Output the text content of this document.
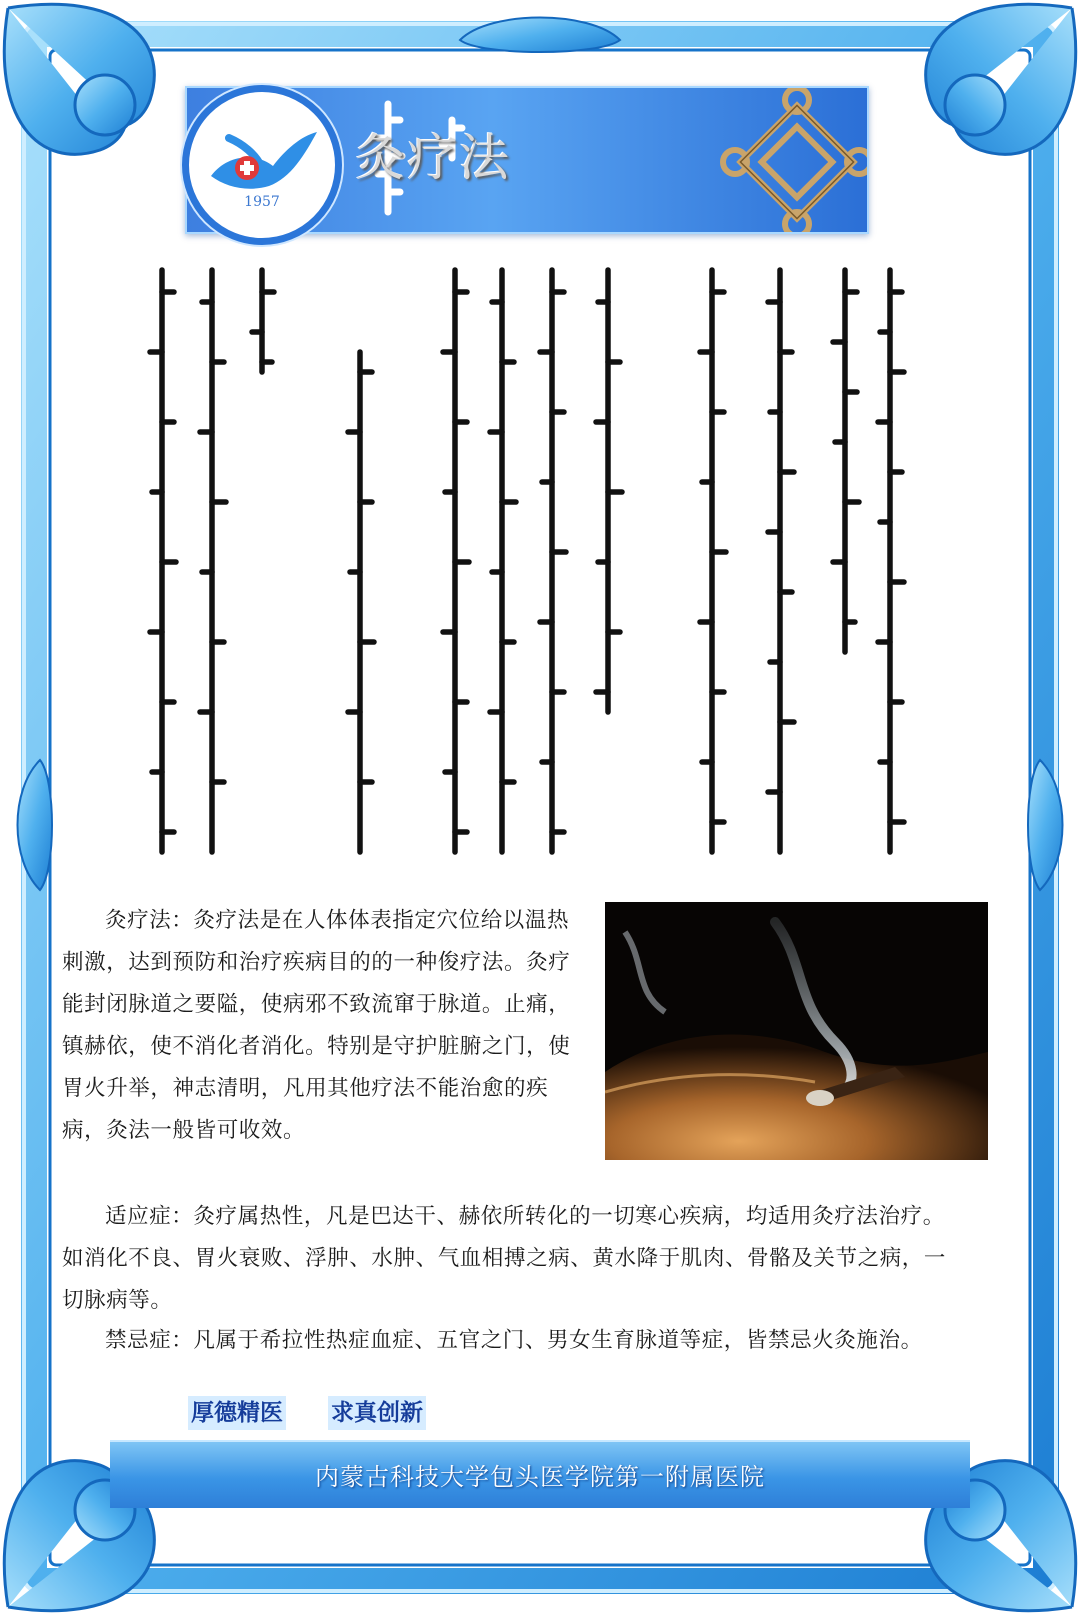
灸疗法
1957

灸疗法：灸疗法是在人体体表指定穴位给以温热刺激，达到预防和治疗疾病目的的一种俊疗法。灸疗能封闭脉道之要隘，使病邪不致流窜于脉道。止痛，镇赫依，使不消化者消化。特别是守护脏腑之门，使胃火升举，神志清明，凡用其他疗法不能治愈的疾病，灸法一般皆可收效。

适应症：灸疗属热性，凡是巴达干、赫依所转化的一切寒心疾病，均适用灸疗法治疗。如消化不良、胃火衰败、浮肿、水肿、气血相搏之病、黄水降于肌肉、骨骼及关节之病，一切脉病等。

禁忌症：凡属于希拉性热症血症、五官之门、男女生育脉道等症，皆禁忌火灸施治。

厚德精医 求真创新
内蒙古科技大学包头医学院第一附属医院
